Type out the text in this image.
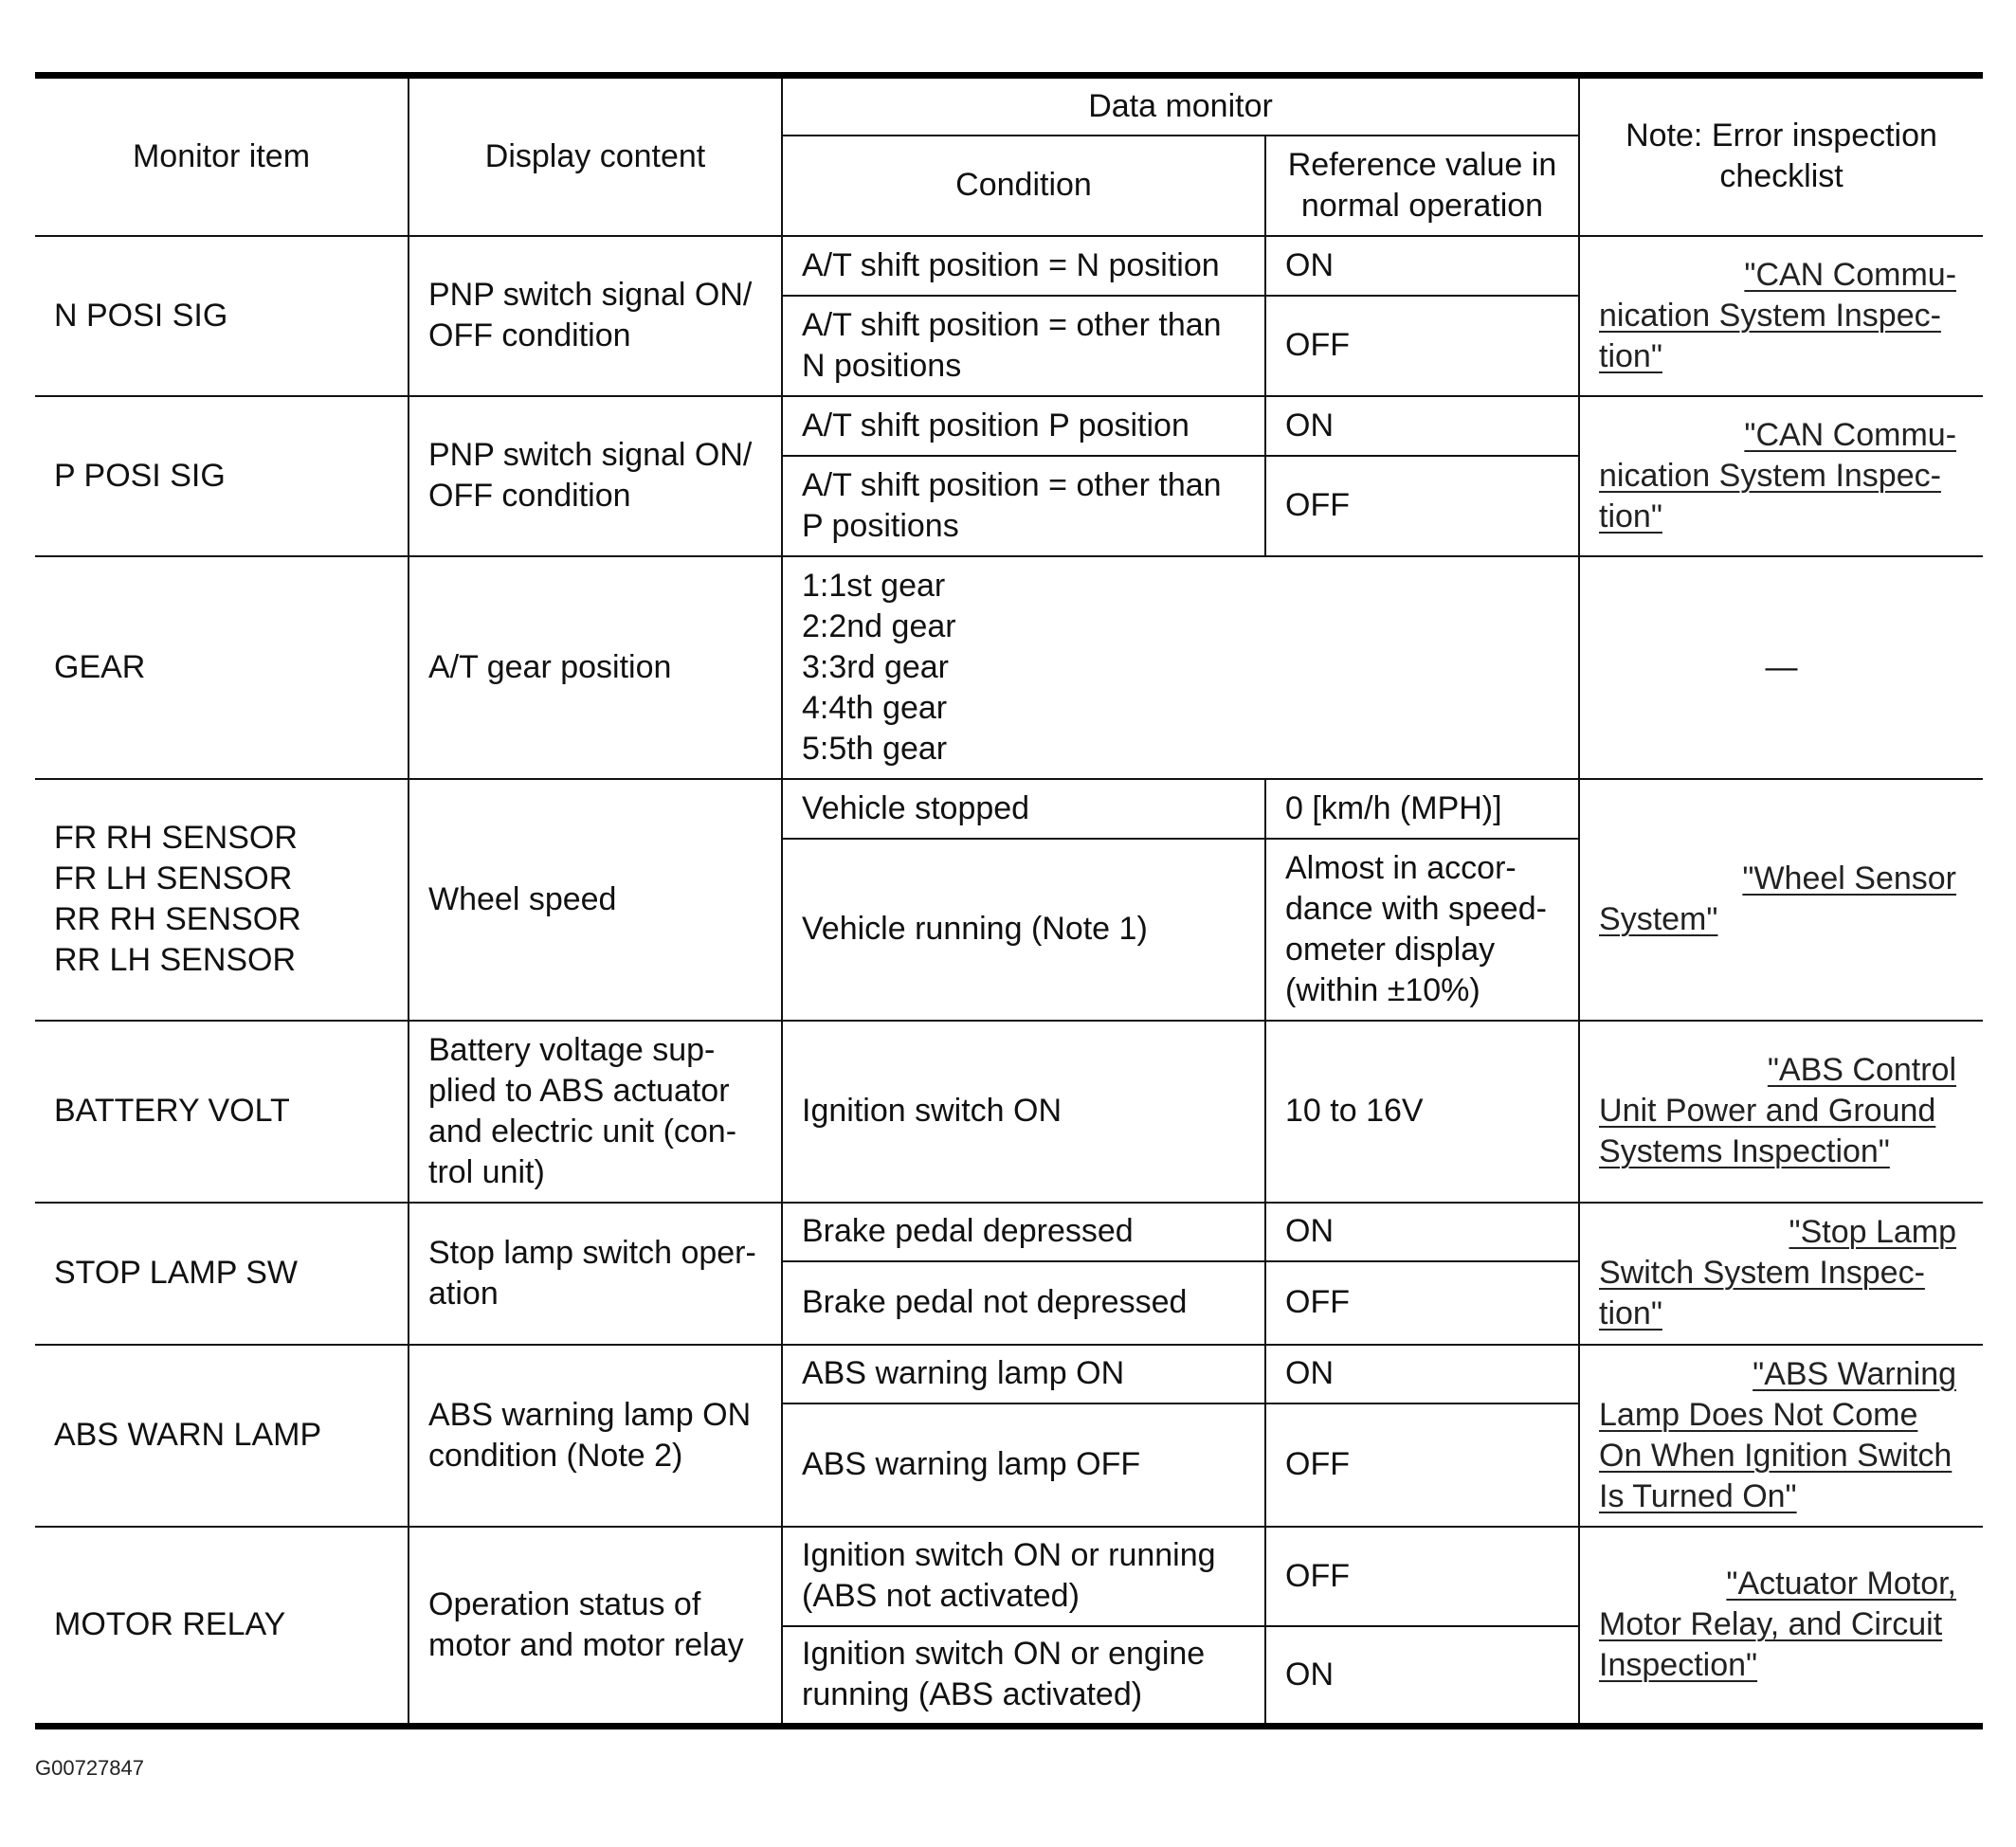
Monitor item	Display content	Data monitor		Note: Error inspection
checklist

		Condition	Reference value in
normal operation	

N POSI SIG	PNP switch signal ON/
OFF condition	A/T shift position = N position	ON	"CAN Commu-
nication System Inspec-
tion"

		A/T shift position = other than
N positions	OFF	
P POSI SIG	PNP switch signal ON/
OFF condition	A/T shift position P position	ON	"CAN Commu-
nication System Inspec-
tion"

		A/T shift position = other than
P positions	OFF	
GEAR	A/T gear position	1:1st gear
2:2nd gear
3:3rd gear
4:4th gear
5:5th gear		—

FR RH SENSOR
FR LH SENSOR
RR RH SENSOR
RR LH SENSOR	Wheel speed	Vehicle stopped	0 [km/h (MPH)]	"Wheel Sensor
System"

		Vehicle running (Note 1)	Almost in accor-
dance with speed-
ometer display
(within ±10%)	

BATTERY VOLT	Battery voltage sup-
plied to ABS actuator
and electric unit (con-
trol unit)	Ignition switch ON	10 to 16V	"ABS Control
Unit Power and Ground
Systems Inspection"

STOP LAMP SW	Stop lamp switch oper-
ation	Brake pedal depressed	ON	"Stop Lamp
Switch System Inspec-
tion"

		Brake pedal not depressed	OFF	
ABS WARN LAMP	ABS warning lamp ON
condition (Note 2)	ABS warning lamp ON	ON	"ABS Warning
Lamp Does Not Come
On When Ignition Switch
Is Turned On"

		ABS warning lamp OFF	OFF	
MOTOR RELAY	Operation status of
motor and motor relay	Ignition switch ON or running
(ABS not activated)	OFF	"Actuator Motor,
Motor Relay, and Circuit
Inspection"

		Ignition switch ON or engine
running (ABS activated)	ON	
G00727847
